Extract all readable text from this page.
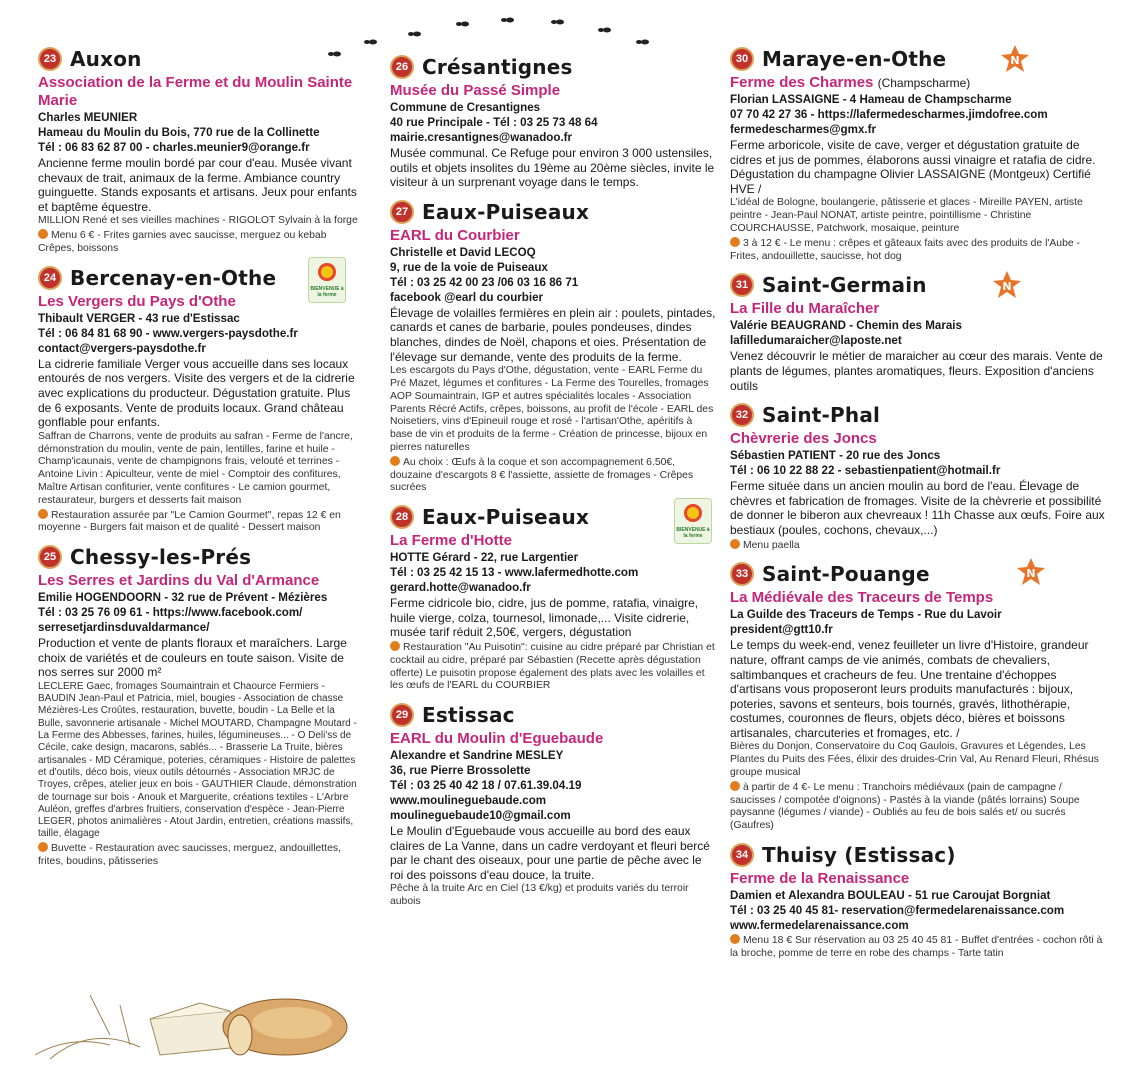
23 Auxon
Association de la Ferme et du Moulin Sainte Marie
Charles MEUNIER
Hameau du Moulin du Bois, 770 rue de la Collinette
Tél : 06 83 62 87 00 - charles.meunier9@orange.fr
Ancienne ferme moulin bordé par cour d'eau. Musée vivant chevaux de trait, animaux de la ferme. Ambiance country guinguette. Stands exposants et artisans. Jeux pour enfants et baptême équestre.
MILLION René et ses vieilles machines - RIGOLOT Sylvain à la forge
Menu 6 € - Frites garnies avec saucisse, merguez ou kebab Crêpes, boissons
BIENVENUE à la ferme
24 Bercenay-en-Othe
Les Vergers du Pays d'Othe
Thibault VERGER - 43 rue d'Estissac
Tél : 06 84 81 68 90 - www.vergers-paysdothe.fr
contact@vergers-paysdothe.fr
La cidrerie familiale Verger vous accueille dans ses locaux entourés de nos vergers. Visite des vergers et de la cidrerie avec explications du producteur. Dégustation gratuite. Plus de 6 exposants. Vente de produits locaux. Grand château gonflable pour enfants.
Saffran de Charrons, vente de produits au safran - Ferme de l'ancre, démonstration du moulin, vente de pain, lentilles, farine et huile - Champ'icaunais, vente de champignons frais, velouté et terrines - Antoine Livin : Apiculteur, vente de miel - Comptoir des confitures, Maître Artisan confiturier, vente confitures - Le camion gourmet, restaurateur, burgers et desserts fait maison
Restauration assurée par "Le Camion Gourmet", repas 12 € en moyenne - Burgers fait maison et de qualité - Dessert maison
25 Chessy-les-Prés
Les Serres et Jardins du Val d'Armance
Emilie HOGENDOORN - 32 rue de Prévent - Mézières
Tél : 03 25 76 09 61 - https://www.facebook.com/ serresetjardinsduvaldarmance/
Production et vente de plants floraux et maraîchers. Large choix de variétés et de couleurs en toute saison. Visite de nos serres sur 2000 m²
LECLERE Gaec, fromages Soumaintrain et Chaource Fermiers - BAUDIN Jean-Paul et Patricia, miel, bougies - Association de chasse Mézières-Les Croûtes, restauration, buvette, boudin - La Belle et la Bulle, savonnerie artisanale - Michel MOUTARD, Champagne Moutard - La Ferme des Abbesses, farines, huiles, légumineuses... - O Deli'ss de Cécile, cake design, macarons, sablés... - Brasserie La Truite, bières artisanales - MD Céramique, poteries, céramiques - Histoire de palettes et d'outils, déco bois, vieux outils détournés - Association MRJC de Troyes, crêpes, atelier jeux en bois - GAUTHIER Claude, démonstration de tournage sur bois - Anouk et Marguerite, créations textiles - L'Arbre Auléon, greffes d'arbres fruitiers, conservation d'espèce - Jean-Pierre LEGER, photos animalières - Atout Jardin, entretien, créations massifs, taille, élagage
Buvette - Restauration avec saucisses, merguez, andouillettes, frites, boudins, pâtisseries
26 Crésantignes
Musée du Passé Simple
Commune de Cresantignes
40 rue Principale - Tél : 03 25 73 48 64
mairie.cresantignes@wanadoo.fr
Musée communal. Ce Refuge pour environ 3 000 ustensiles, outils et objets insolites du 19ème au 20ème siècles, invite le visiteur à un surprenant voyage dans le temps.
27 Eaux-Puiseaux
EARL du Courbier
Christelle et David LECOQ
9, rue de la voie de Puiseaux
Tél : 03 25 42 00 23 /06 03 16 86 71
facebook @earl du courbier
Élevage de volailles fermières en plein air : poulets, pintades, canards et canes de barbarie, poules pondeuses, dindes blanches, dindes de Noël, chapons et oies. Présentation de l'élevage sur demande, vente des produits de la ferme.
Les escargots du Pays d'Othe, dégustation, vente - EARL Ferme du Pré Mazet, légumes et confitures - La Ferme des Tourelles, fromages AOP Soumaintrain, IGP et autres spécialités locales - Association Parents Récré Actifs, crêpes, boissons, au profit de l'école - EARL des Noisetiers, vins d'Epineuil rouge et rosé - l'artisan'Othe, apéritifs à base de vin et produits de la ferme - Création de princesse, bijoux en pierres naturelles
Au choix : Œufs à la coque et son accompagnement 6.50€, douzaine d'escargots 8 € l'assiette, assiette de fromages - Crêpes sucrées
BIENVENUE à la ferme
28 Eaux-Puiseaux
La Ferme d'Hotte
HOTTE Gérard - 22, rue Largentier
Tél : 03 25 42 15 13 - www.lafermedhotte.com
gerard.hotte@wanadoo.fr
Ferme cidricole bio, cidre, jus de pomme, ratafia, vinaigre, huile vierge, colza, tournesol, limonade,... Visite cidrerie, musée tarif réduit 2,50€, vergers, dégustation
Restauration "Au Puisotin": cuisine au cidre préparé par Christian et cocktail au cidre, préparé par Sébastien (Recette après dégustation offerte) Le puisotin propose également des plats avec les volailles et les œufs de l'EARL du COURBIER
29 Estissac
EARL du Moulin d'Eguebaude
Alexandre et Sandrine MESLEY
36, rue Pierre Brossolette
Tél : 03 25 40 42 18 / 07.61.39.04.19
www.moulineguebaude.com
moulineguebaude10@gmail.com
Le Moulin d'Eguebaude vous accueille au bord des eaux claires de La Vanne, dans un cadre verdoyant et fleuri bercé par le chant des oiseaux, pour une partie de pêche avec le roi des poissons d'eau douce, la truite.
Pêche à la truite Arc en Ciel (13 €/kg) et produits variés du terroir aubois
N
30 Maraye-en-Othe
Ferme des Charmes (Champscharme)
Florian LASSAIGNE - 4 Hameau de Champscharme
07 70 42 27 36 - https://lafermedescharmes.jimdofree.com
fermedescharmes@gmx.fr
Ferme arboricole, visite de cave, verger et dégustation gratuite de cidres et jus de pommes, élaborons aussi vinaigre et ratafia de cidre. Dégustation du champagne Olivier LASSAIGNE (Montgeux) Certifié HVE /
L'idéal de Bologne, boulangerie, pâtisserie et glaces - Mireille PAYEN, artiste peintre - Jean-Paul NONAT, artiste peintre, pointillisme - Christine COURCHAUSSE, Patchwork, mosaique, peinture
3 à 12 € - Le menu : crêpes et gâteaux faits avec des produits de l'Aube - Frites, andouillette, saucisse, hot dog
N
31 Saint-Germain
La Fille du Maraîcher
Valérie BEAUGRAND - Chemin des Marais
lafilledumaraicher@laposte.net
Venez découvrir le métier de maraicher au cœur des marais. Vente de plants de légumes, plantes aromatiques, fleurs. Exposition d'anciens outils
32 Saint-Phal
Chèvrerie des Joncs
Sébastien PATIENT - 20 rue des Joncs
Tél : 06 10 22 88 22 - sebastienpatient@hotmail.fr
Ferme située dans un ancien moulin au bord de l'eau. Élevage de chèvres et fabrication de fromages. Visite de la chèvrerie et possibilité de donner le biberon aux chevreaux ! 11h Chasse aux œufs. Foire aux bestiaux (poules, cochons, chevaux,...)
Menu paella
N
33 Saint-Pouange
La Médiévale des Traceurs de Temps
La Guilde des Traceurs de Temps - Rue du Lavoir
president@gtt10.fr
Le temps du week-end, venez feuilleter un livre d'Histoire, grandeur nature, offrant camps de vie animés, combats de chevaliers, saltimbanques et cracheurs de feu. Une trentaine d'échoppes d'artisans vous proposeront leurs produits manufacturés : bijoux, poteries, savons et senteurs, bois tournés, gravés, lithothérapie, costumes, couronnes de fleurs, objets déco, bières et boissons artisanales, charcuteries et fromages, etc. /
Bières du Donjon, Conservatoire du Coq Gaulois, Gravures et Légendes, Les Plantes du Puits des Fées, élixir des druides-Crin Val, Au Renard Fleuri, Rhésus groupe musical
à partir de 4 €- Le menu : Tranchoirs médiévaux (pain de campagne / saucisses / compotée d'oignons) - Pastés à la viande (pâtés lorrains) Soupe paysanne (légumes / viande) - Oubliés au feu de bois salés et/ ou sucrés (Gaufres)
34 Thuisy (Estissac)
Ferme de la Renaissance
Damien et Alexandra BOULEAU - 51 rue Caroujat Borgniat
Tél : 03 25 40 45 81- reservation@fermedelarenaissance.com
www.fermedelarenaissance.com
Menu 18 € Sur réservation au 03 25 40 45 81 - Buffet d'entrées - cochon rôti à la broche, pomme de terre en robe des champs - Tarte tatin
